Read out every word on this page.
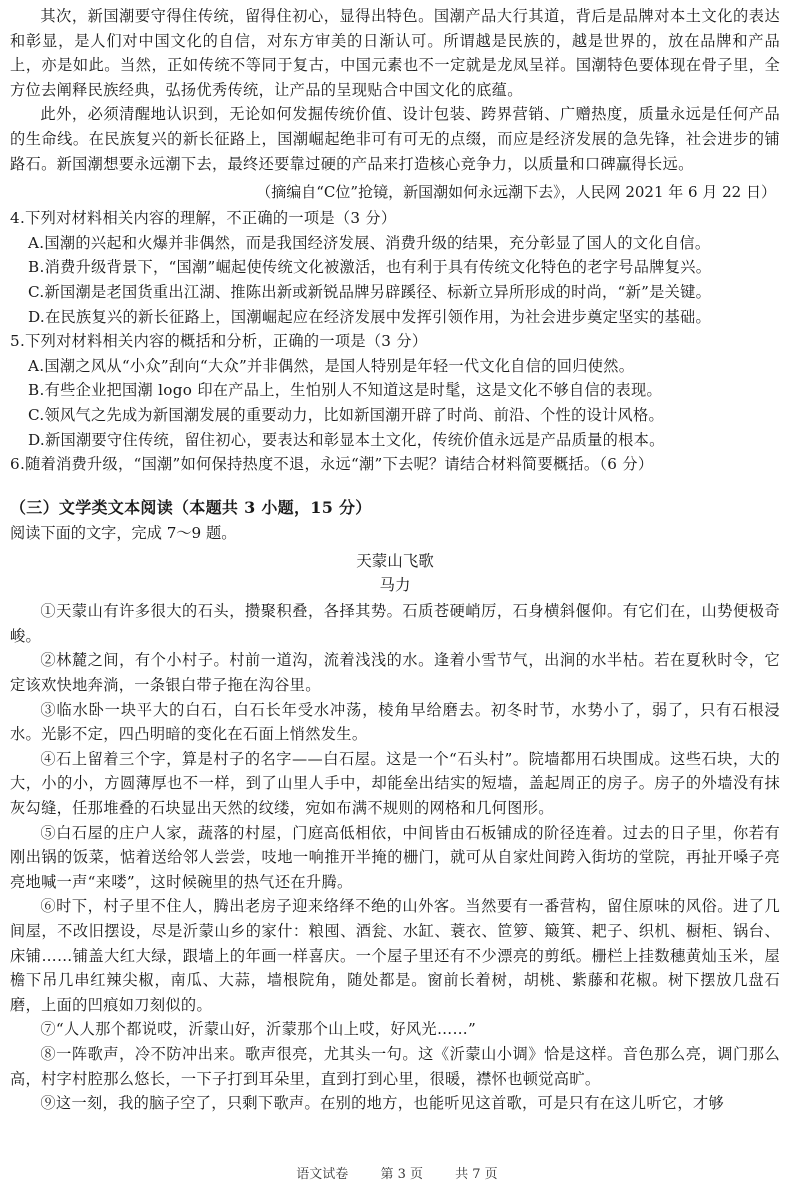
其次，新国潮要守得住传统，留得住初心，显得出特色。国潮产品大行其道，背后是品牌对本土文化的表达和彰显，是人们对中国文化的自信，对东方审美的日渐认可。所谓越是民族的，越是世界的，放在品牌和产品上，亦是如此。当然，正如传统不等同于复古，中国元素也不一定就是龙凤呈祥。国潮特色要体现在骨子里，全方位去阐释民族经典，弘扬优秀传统，让产品的呈现贴合中国文化的底蕴。

此外，必须清醒地认识到，无论如何发掘传统价值、设计包装、跨界营销、广赠热度，质量永远是任何产品的生命线。在民族复兴的新长征路上，国潮崛起绝非可有可无的点缀，而应是经济发展的急先锋，社会进步的铺路石。新国潮想要永远潮下去，最终还要靠过硬的产品来打造核心竞争力，以质量和口碑赢得长远。

（摘编自“C位”抢镜，新国潮如何永远潮下去》，人民网 2021 年 6 月 22 日）

4.下列对材料相关内容的理解，不正确的一项是（3 分）

A.国潮的兴起和火爆并非偶然，而是我国经济发展、消费升级的结果，充分彰显了国人的文化自信。

B.消费升级背景下，“国潮”崛起使传统文化被激活，也有利于具有传统文化特色的老字号品牌复兴。

C.新国潮是老国货重出江湖、推陈出新或新锐品牌另辟蹊径、标新立异所形成的时尚，“新”是关键。

D.在民族复兴的新长征路上，国潮崛起应在经济发展中发挥引领作用，为社会进步奠定坚实的基础。

5.下列对材料相关内容的概括和分析，正确的一项是（3 分）

A.国潮之风从“小众”刮向“大众”并非偶然，是国人特别是年轻一代文化自信的回归使然。

B.有些企业把国潮 logo 印在产品上，生怕别人不知道这是时髦，这是文化不够自信的表现。

C.领风气之先成为新国潮发展的重要动力，比如新国潮开辟了时尚、前沿、个性的设计风格。

D.新国潮要守住传统，留住初心，要表达和彰显本土文化，传统价值永远是产品质量的根本。

6.随着消费升级，“国潮”如何保持热度不退，永远“潮”下去呢？请结合材料简要概括。（6 分）

（三）文学类文本阅读（本题共 3 小题，15 分）

阅读下面的文字，完成 7～9 题。

天蒙山飞歌

马力

①天蒙山有许多很大的石头，攒聚积叠，各择其势。石质苍硬峭厉，石身横斜偃仰。有它们在，山势便极奇峻。

②林麓之间，有个小村子。村前一道沟，流着浅浅的水。逢着小雪节气，出涧的水半枯。若在夏秋时令，它定该欢快地奔淌，一条银白带子拖在沟谷里。

③临水卧一块平大的白石，白石长年受水冲荡，棱角早给磨去。初冬时节，水势小了，弱了，只有石根浸水。光影不定，四凸明暗的变化在石面上悄然发生。

④石上留着三个字，算是村子的名字——白石屋。这是一个“石头村”。院墙都用石块围成。这些石块，大的大，小的小，方圆薄厚也不一样，到了山里人手中，却能垒出结实的短墙，盖起周正的房子。房子的外墙没有抹灰勾缝，任那堆叠的石块显出天然的纹缕，宛如布满不规则的网格和几何图形。

⑤白石屋的庄户人家，蔬落的村屋，门庭高低相依，中间皆由石板铺成的阶径连着。过去的日子里，你若有刚出锅的饭菜，惦着送给邻人尝尝，吱地一响推开半掩的栅门，就可从自家灶间跨入街坊的堂院，再扯开嗓子亮亮地喊一声“来喽”，这时候碗里的热气还在升腾。

⑥时下，村子里不住人，腾出老房子迎来络绎不绝的山外客。当然要有一番营构，留住原味的风俗。进了几间屋，不改旧摆设，尽是沂蒙山乡的家什：粮囤、酒瓮、水缸、蓑衣、笸箩、簸箕、耙子、织机、橱柜、锅台、床铺……铺盖大红大绿，跟墙上的年画一样喜庆。一个屋子里还有不少漂亮的剪纸。栅栏上挂数穗黄灿玉米，屋檐下吊几串红辣尖椒，南瓜、大蒜，墙根院角，随处都是。窗前长着树，胡桃、紫藤和花椒。树下摆放几盘石磨，上面的凹痕如刀刻似的。

⑦“人人那个都说哎，沂蒙山好，沂蒙那个山上哎，好风光……”

⑧一阵歌声，冷不防冲出来。歌声很亮，尤其头一句。这《沂蒙山小调》恰是这样。音色那么亮，调门那么高，村字村腔那么悠长，一下子打到耳朵里，直到打到心里，很暖，襟怀也顿觉高旷。

⑨这一刻，我的脑子空了，只剩下歌声。在别的地方，也能听见这首歌，可是只有在这儿听它，才够

语文试卷 第 3 页 共 7 页
